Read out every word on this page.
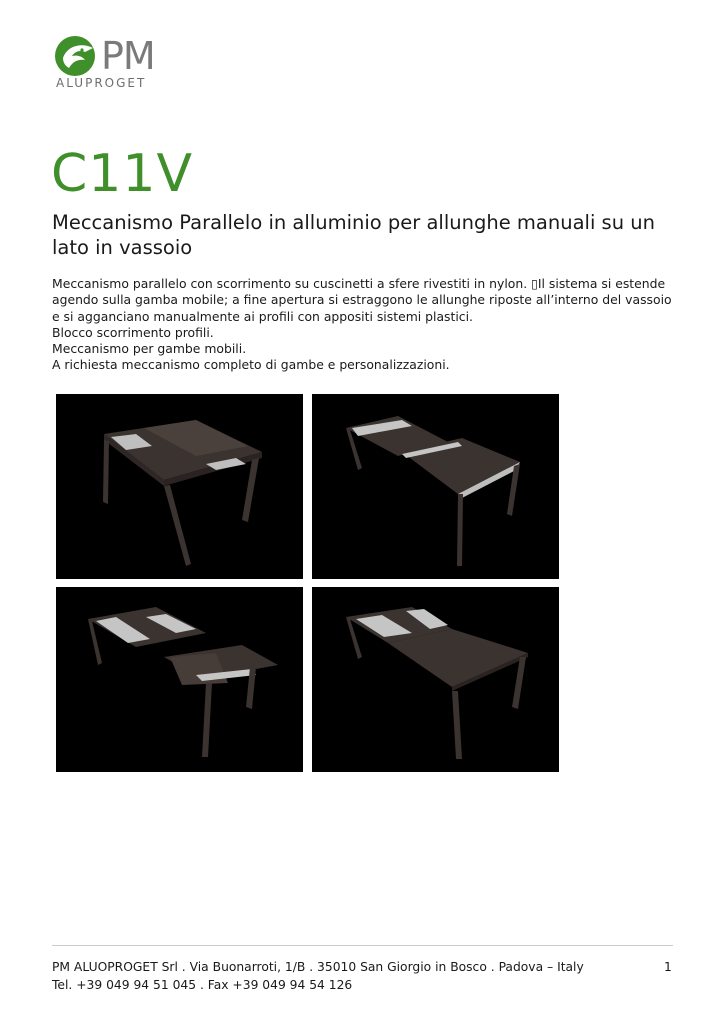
PM
ALUPROGET
C11V
Meccanismo Parallelo in alluminio per allunghe manuali su un lato in vassoio

Meccanismo parallelo con scorrimento su cuscinetti a sfere rivestiti in nylon. ▯Il sistema si estende agendo sulla gamba mobile; a fine apertura si estraggono le allunghe riposte all’interno del vassoio e si agganciano manualmente ai profili con appositi sistemi plastici.

Blocco scorrimento profili.

Meccanismo per gambe mobili.

A richiesta meccanismo completo di gambe e personalizzazioni.

PM ALUOPROGET Srl . Via Buonarroti, 1/B . 35010 San Giorgio in Bosco . Padova – Italy
Tel. +39 049 94 51 045 . Fax +39 049 94 54 126
1
